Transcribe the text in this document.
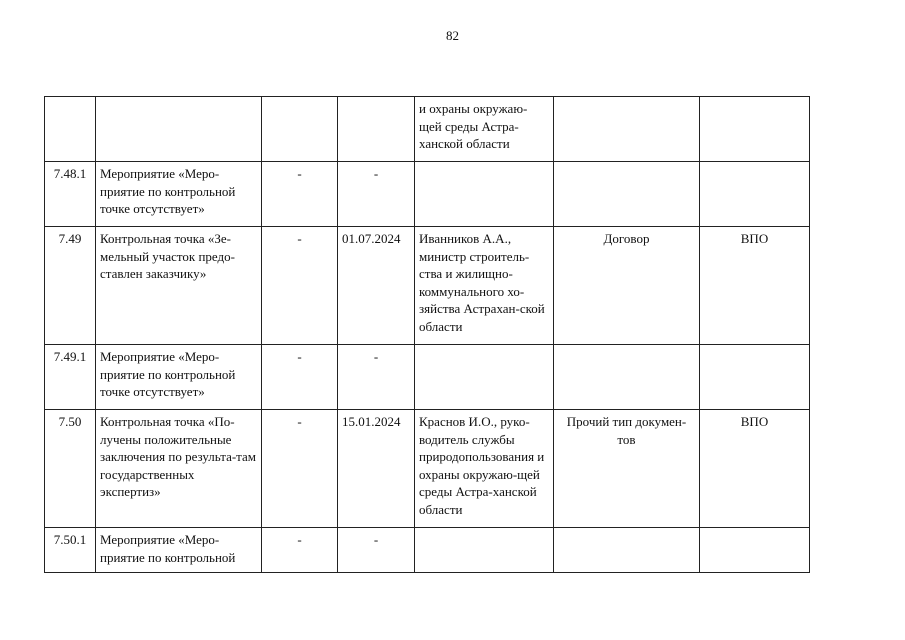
82
				и охраны окружаю-щей среды Астра-ханской области		
7.48.1	Мероприятие «Меро-приятие по контрольной точке отсутствует»	-	-			
7.49	Контрольная точка «Зе-мельный участок предо-ставлен заказчику»	-	01.07.2024	Иванников А.А., министр строитель-ства и жилищно-коммунального хо-зяйства Астрахан-ской области	Договор	ВПО
7.49.1	Мероприятие «Меро-приятие по контрольной точке отсутствует»	-	-			
7.50	Контрольная точка «По-лучены положительные заключения по результа-там государственных экспертиз»	-	15.01.2024	Краснов И.О., руко-водитель службы природопользования и охраны окружаю-щей среды Астра-ханской области	Прочий тип докумен-тов	ВПО
7.50.1	Мероприятие «Меро-приятие по контрольной	-	-			
